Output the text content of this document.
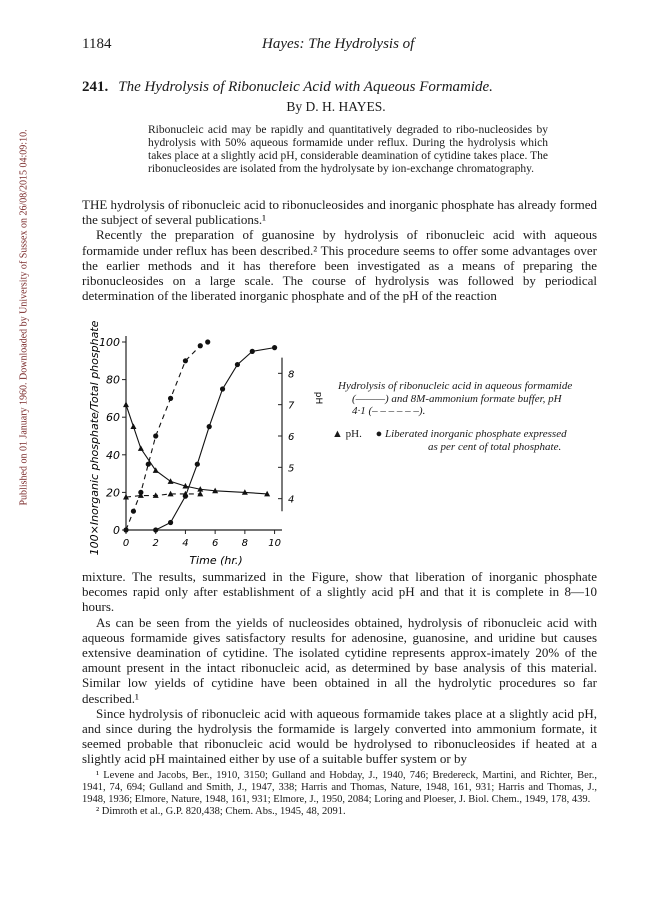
Published on 01 January 1960. Downloaded by University of Sussex on 26/08/2015 04:09:10.
1184	Hayes: The Hydrolysis of
241. The Hydrolysis of Ribonucleic Acid with Aqueous Formamide.
By D. H. HAYES.
Ribonucleic acid may be rapidly and quantitatively degraded to ribo-nucleosides by hydrolysis with 50% aqueous formamide under reflux. During the hydrolysis which takes place at a slightly acid pH, considerable deamination of cytidine takes place. The ribonucleosides are isolated from the hydrolysate by ion-exchange chromatography.

THE hydrolysis of ribonucleic acid to ribonucleosides and inorganic phosphate has already formed the subject of several publications.¹

Recently the preparation of guanosine by hydrolysis of ribonucleic acid with aqueous formamide under reflux has been described.² This procedure seems to offer some advantages over the earlier methods and it has therefore been investigated as a means of preparing the ribonucleosides on a large scale. The course of hydrolysis was followed by periodical determination of the liberated inorganic phosphate and of the pH of the reaction

0
20
40
60
80
100
0 2 4 6 8 10
4
5
6
7
8
100×Inorganic phosphate/Total phosphate
Time (hr.)
pH
Hydrolysis of ribonucleic acid in aqueous formamide
(———) and 8M-ammonium formate buffer, pH
4·1 (– – – – – –).
▲ pH. ● Liberated inorganic phosphate expressed
as per cent of total phosphate.

mixture. The results, summarized in the Figure, show that liberation of inorganic phosphate becomes rapid only after establishment of a slightly acid pH and that it is complete in 8—10 hours.

As can be seen from the yields of nucleosides obtained, hydrolysis of ribonucleic acid with aqueous formamide gives satisfactory results for adenosine, guanosine, and uridine but causes extensive deamination of cytidine. The isolated cytidine represents approx-imately 20% of the amount present in the intact ribonucleic acid, as determined by base analysis of this material. Similar low yields of cytidine have been obtained in all the hydrolytic procedures so far described.¹

Since hydrolysis of ribonucleic acid with aqueous formamide takes place at a slightly acid pH, and since during the hydrolysis the formamide is largely converted into ammonium formate, it seemed probable that ribonucleic acid would be hydrolysed to ribonucleosides if heated at a slightly acid pH maintained either by use of a suitable buffer system or by

¹ Levene and Jacobs, Ber., 1910, 3150; Gulland and Hobday, J., 1940, 746; Bredereck, Martini, and Richter, Ber., 1941, 74, 694; Gulland and Smith, J., 1947, 338; Harris and Thomas, Nature, 1948, 161, 931; Harris and Thomas, J., 1948, 1936; Elmore, Nature, 1948, 161, 931; Elmore, J., 1950, 2084; Loring and Ploeser, J. Biol. Chem., 1949, 178, 439.

² Dimroth et al., G.P. 820,438; Chem. Abs., 1945, 48, 2091.
